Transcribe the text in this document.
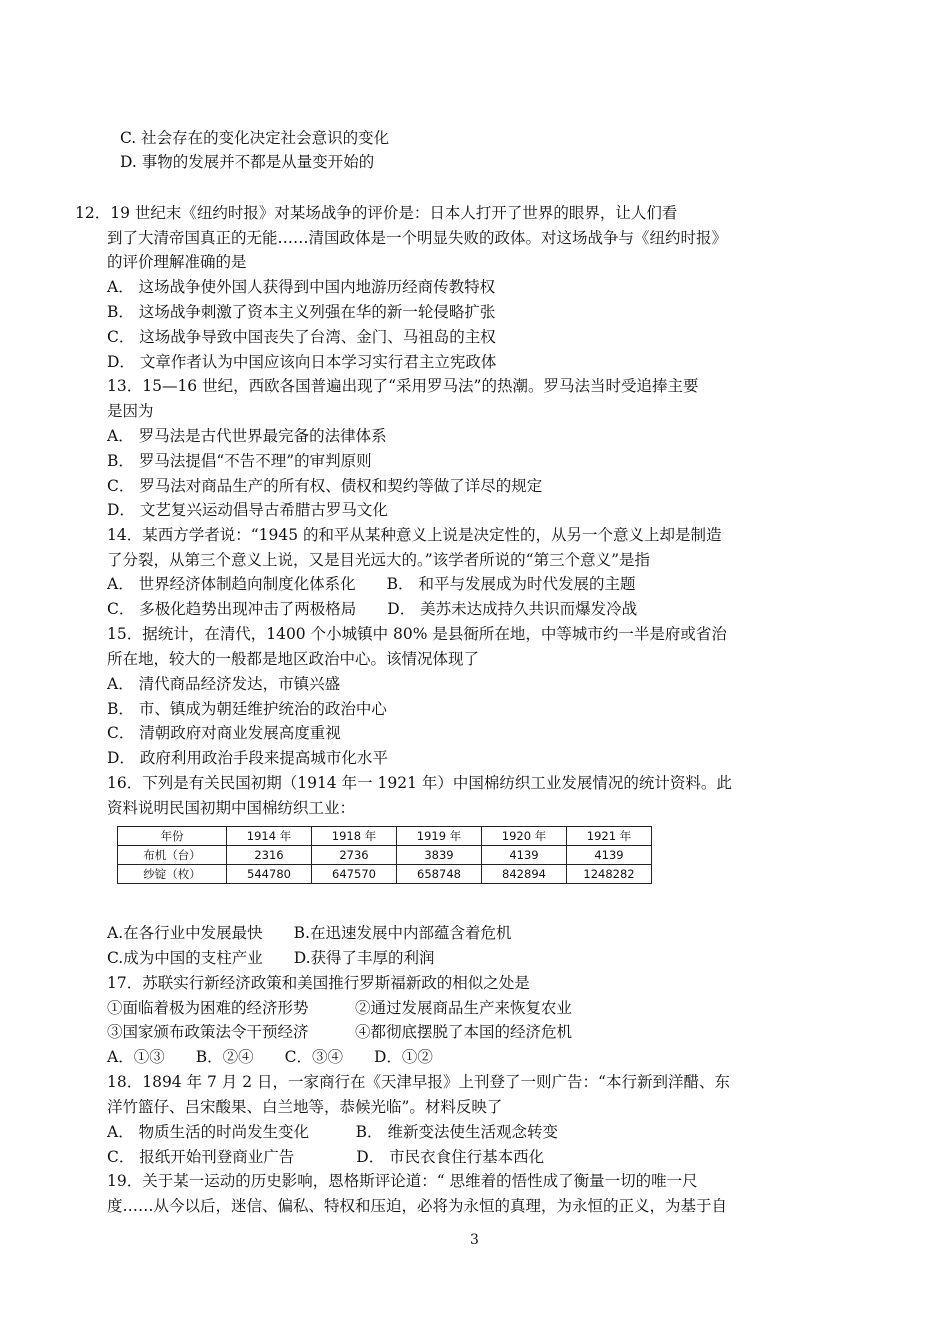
C. 社会存在的变化决定社会意识的变化
D. 事物的发展并不都是从量变开始的
12．19 世纪末《纽约时报》对某场战争的评价是：日本人打开了世界的眼界，让人们看
到了大清帝国真正的无能……清国政体是一个明显失败的政体。对这场战争与《纽约时报》
的评价理解准确的是
A． 这场战争使外国人获得到中国内地游历经商传教特权
B． 这场战争刺激了资本主义列强在华的新一轮侵略扩张
C． 这场战争导致中国丧失了台湾、金门、马祖岛的主权
D． 文章作者认为中国应该向日本学习实行君主立宪政体
13．15—16 世纪，西欧各国普遍出现了“采用罗马法”的热潮。罗马法当时受追捧主要
是因为
A． 罗马法是古代世界最完备的法律体系
B． 罗马法提倡“不告不理”的审判原则
C． 罗马法对商品生产的所有权、债权和契约等做了详尽的规定
D． 文艺复兴运动倡导古希腊古罗马文化
14．某西方学者说：“1945 的和平从某种意义上说是决定性的，从另一个意义上却是制造
了分裂，从第三个意义上说，又是目光远大的。”该学者所说的“第三个意义”是指
A． 世界经济体制趋向制度化体系化　　B． 和平与发展成为时代发展的主题
C． 多极化趋势出现冲击了两极格局　　D． 美苏未达成持久共识而爆发冷战
15．据统计，在清代，1400 个小城镇中 80% 是县衙所在地，中等城市约一半是府或省治
所在地，较大的一般都是地区政治中心。该情况体现了
A． 清代商品经济发达，市镇兴盛
B． 市、镇成为朝廷维护统治的政治中心
C． 清朝政府对商业发展高度重视
D． 政府利用政治手段来提高城市化水平
16．下列是有关民国初期（1914 年一 1921 年）中国棉纺织工业发展情况的统计资料。此
资料说明民国初期中国棉纺织工业：
年份	1914 年	1918 年	1919 年	1920 年	1921 年
布机（台）	2316	2736	3839	4139	4139
纱锭（枚）	544780	647570	658748	842894	1248282
A.在各行业中发展最快　　B.在迅速发展中内部蕴含着危机
C.成为中国的支柱产业　　D.获得了丰厚的利润
17．苏联实行新经济政策和美国推行罗斯福新政的相似之处是
①面临着极为困难的经济形势　　　②通过发展商品生产来恢复农业
③国家颁布政策法令干预经济　　　④都彻底摆脱了本国的经济危机
A．①③　　B．②④　　C．③④　　D．①②
18．1894 年 7 月 2 日，一家商行在《天津早报》上刊登了一则广告：“本行新到洋醋、东
洋竹篮仔、吕宋酸果、白兰地等，恭候光临”。材料反映了
A． 物质生活的时尚发生变化　　　B． 维新变法使生活观念转变
C． 报纸开始刊登商业广告　　　　D． 市民衣食住行基本西化
19．关于某一运动的历史影响，恩格斯评论道：“ 思维着的悟性成了衡量一切的唯一尺
度……从今以后，迷信、偏私、特权和压迫，必将为永恒的真理，为永恒的正义，为基于自
3
